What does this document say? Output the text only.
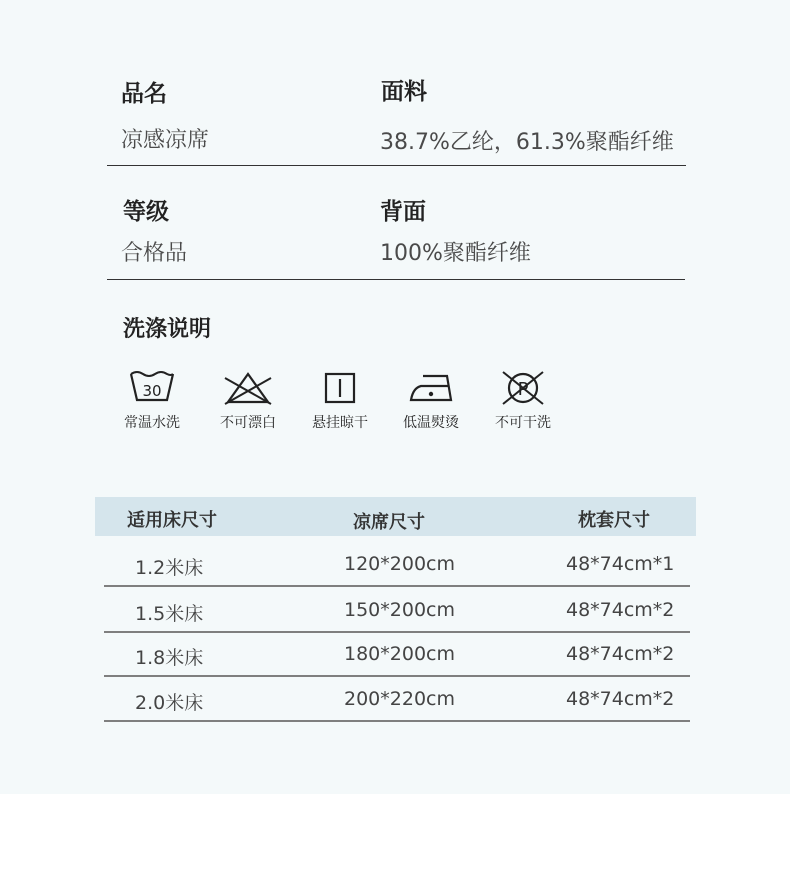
品名
凉感凉席
面料
38.7%乙纶，61.3%聚酯纤维
等级
合格品
背面
100%聚酯纤维
洗涤说明
30
常温水洗	不可漂白	悬挂晾干	低温熨烫
P
不可干洗
适用床尺寸	凉席尺寸	枕套尺寸
1.2米床	120*200cm	48*74cm*1
1.5米床	150*200cm	48*74cm*2
1.8米床	180*200cm	48*74cm*2
2.0米床	200*220cm	48*74cm*2
